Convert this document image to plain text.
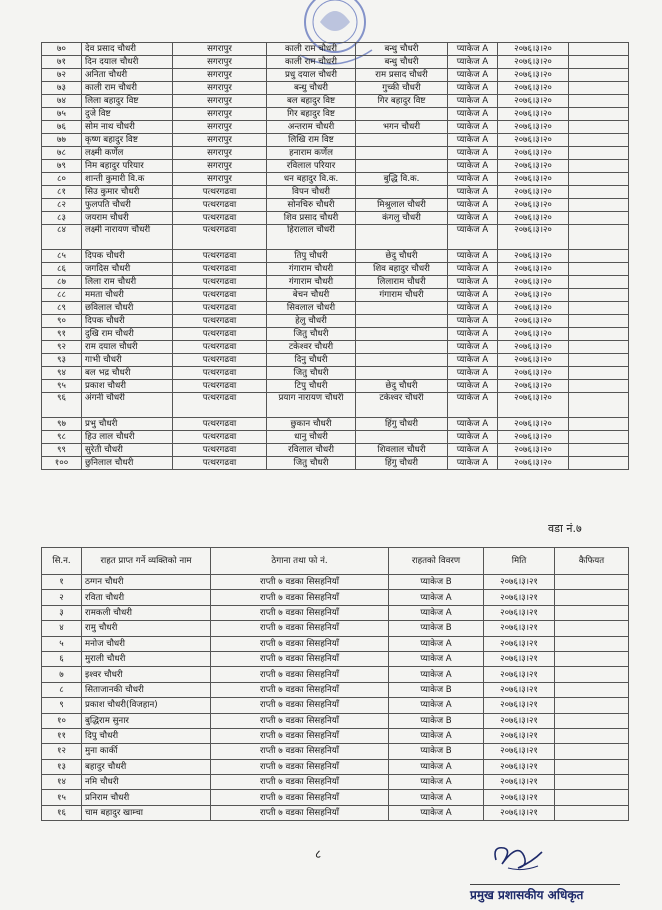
७०	देव प्रसाद चौधरी	सगरापुर	काली राम चौधरी	बन्धु चौधरी	प्याकेज A	२०७६।३।२०	
७१	दिन दयाल चौधरी	सगरापुर	काली राम चौधरी	बन्धु चौधरी	प्याकेज A	२०७६।३।२०	
७२	अनिता चौधरी	सगरापुर	प्रधु दयाल चौधरी	राम प्रसाद चौधरी	प्याकेज A	२०७६।३।२०	
७३	काली राम चौधरी	सगरापुर	बन्धु चौधरी	गुच्की चौधरी	प्याकेज A	२०७६।३।२०	
७४	लिला बहादुर विष्ट	सगरापुर	बल बहादुर विष्ट	गिर बहादुर विष्ट	प्याकेज A	२०७६।३।२०	
७५	दुजे विष्ट	सगरापुर	गिर बहादुर विष्ट		प्याकेज A	२०७६।३।२०	
७६	सोम नाथ चौधरी	सगरापुर	अन्तराम चौधरी	भगन चौधरी	प्याकेज A	२०७६।३।२०	
७७	कृष्ण बहादुर विष्ट	सगरापुर	लिखि राम विष्ट		प्याकेज A	२०७६।३।२०	
७८	लक्ष्मी कर्णेल	सगरापुर	हनाराम कर्णेल		प्याकेज A	२०७६।३।२०	
७९	निम बहादुर परियार	सगरापुर	रविलाल परियार		प्याकेज A	२०७६।३।२०	
८०	शान्ती कुमारी वि.क	सगरापुर	धन बहादुर वि.क.	बुद्धि वि.क.	प्याकेज A	२०७६।३।२०	
८१	सिउ कुमार चौधरी	पत्थरगढवा	विपन चौधरी		प्याकेज A	२०७६।३।२०	
८२	फुलपति चौधरी	पत्थरगढवा	सोनचिरु चौधरी	मिश्रुलाल चौधरी	प्याकेज A	२०७६।३।२०	
८३	जयराम चौधरी	पत्थरगढवा	शिव प्रसाद चौधरी	कंगलु चौधरी	प्याकेज A	२०७६।३।२०	
८४	लक्ष्मी नारायण चौधरी	पत्थरगढवा	हिरालाल चौधरी		प्याकेज A	२०७६।३।२०	
८५	दिपक चौधरी	पत्थरगढवा	तिपु चौधरी	छेदु चौधरी	प्याकेज A	२०७६।३।२०	
८६	जगदिस चौधरी	पत्थरगढवा	गंगाराम चौधरी	शिव बहादुर चौधरी	प्याकेज A	२०७६।३।२०	
८७	लिला राम चौधरी	पत्थरगढवा	गंगाराम चौधरी	लिलाराम चौधरी	प्याकेज A	२०७६।३।२०	
८८	ममता चौधरी	पत्थरगढवा	बेचन चौधरी	गंगाराम चौधरी	प्याकेज A	२०७६।३।२०	
८९	छविलाल चौधरी	पत्थरगढवा	सिवलाल चौधरी		प्याकेज A	२०७६।३।२०	
९०	दिपक चौधरी	पत्थरगढवा	हेलु चौधरी		प्याकेज A	२०७६।३।२०	
९१	दुखि राम चौधरी	पत्थरगढवा	जितु चौधरी		प्याकेज A	२०७६।३।२०	
९२	राम दयाल चौधरी	पत्थरगढवा	टकेश्वर चौधरी		प्याकेज A	२०७६।३।२०	
९३	गाभी चौधरी	पत्थरगढवा	दिनु चौधरी		प्याकेज A	२०७६।३।२०	
९४	बल भद्र चौधरी	पत्थरगढवा	जितु चौधरी		प्याकेज A	२०७६।३।२०	
९५	प्रकाश चौधरी	पत्थरगढवा	टिपु चौधरी	छेदु चौधरी	प्याकेज A	२०७६।३।२०	
९६	अंगनी चौधरी	पत्थरगढवा	प्रयाग नारायण चौधरी	टकेश्वर चौधरी	प्याकेज A	२०७६।३।२०	
९७	प्रभु चौधरी	पत्थरगढवा	छुकान चौधरी	हिंगु चौधरी	प्याकेज A	२०७६।३।२०	
९८	हिउ लाल चौधरी	पत्थरगढवा	धानु चौधरी		प्याकेज A	२०७६।३।२०	
९९	सुरेती चौधरी	पत्थरगढवा	रविलाल चौधरी	शिवलाल चौधरी	प्याकेज A	२०७६।३।२०	
१००	छुनिलाल चौधरी	पत्थरगढवा	जितु चौधरी	हिंगु चौधरी	प्याकेज A	२०७६।३।२०	
वडा नं.७
सि.न.	राहत प्राप्त गर्ने व्यक्तिको नाम	ठेगाना तथा फो नं.	राहतको विवरण	मिति	कैफियत
१	ठग्गन चौधरी	राप्ती ७ वडका सिसहनियाँ	प्याकेज B	२०७६।३।२१	
२	रविता चौधरी	राप्ती ७ वडका सिसहनियाँ	प्याकेज A	२०७६।३।२१	
३	रामकली चौधरी	राप्ती ७ वडका सिसहनियाँ	प्याकेज A	२०७६।३।२१	
४	रामु चौधरी	राप्ती ७ वडका सिसहनियाँ	प्याकेज B	२०७६।३।२१	
५	मनोज चौधरी	राप्ती ७ वडका सिसहनियाँ	प्याकेज A	२०७६।३।२१	
६	मुराली चौधरी	राप्ती ७ वडका सिसहनियाँ	प्याकेज A	२०७६।३।२१	
७	इश्वर चौधरी	राप्ती ७ वडका सिसहनियाँ	प्याकेज A	२०७६।३।२१	
८	सिताजानकी चौधरी	राप्ती ७ वडका सिसहनियाँ	प्याकेज B	२०७६।३।२१	
९	प्रकाश चौधरी(विजहान)	राप्ती ७ वडका सिसहनियाँ	प्याकेज A	२०७६।३।२१	
१०	बुद्धिराम सुनार	राप्ती ७ वडका सिसहनियाँ	प्याकेज B	२०७६।३।२१	
११	दिपु चौधरी	राप्ती ७ वडका सिसहनियाँ	प्याकेज A	२०७६।३।२१	
१२	मुना कार्की	राप्ती ७ वडका सिसहनियाँ	प्याकेज B	२०७६।३।२१	
१३	बहादुर चौधरी	राप्ती ७ वडका सिसहनियाँ	प्याकेज A	२०७६।३।२१	
१४	नमि चौधरी	राप्ती ७ वडका सिसहनियाँ	प्याकेज A	२०७६।३।२१	
१५	प्रनिराम चौधरी	राप्ती ७ वडका सिसहनियाँ	प्याकेज A	२०७६।३।२१	
१६	चाम बहादुर खाम्चा	राप्ती ७ वडका सिसहनियाँ	प्याकेज A	२०७६।३।२१	
८
प्रमुख प्रशासकीय अधिकृत
